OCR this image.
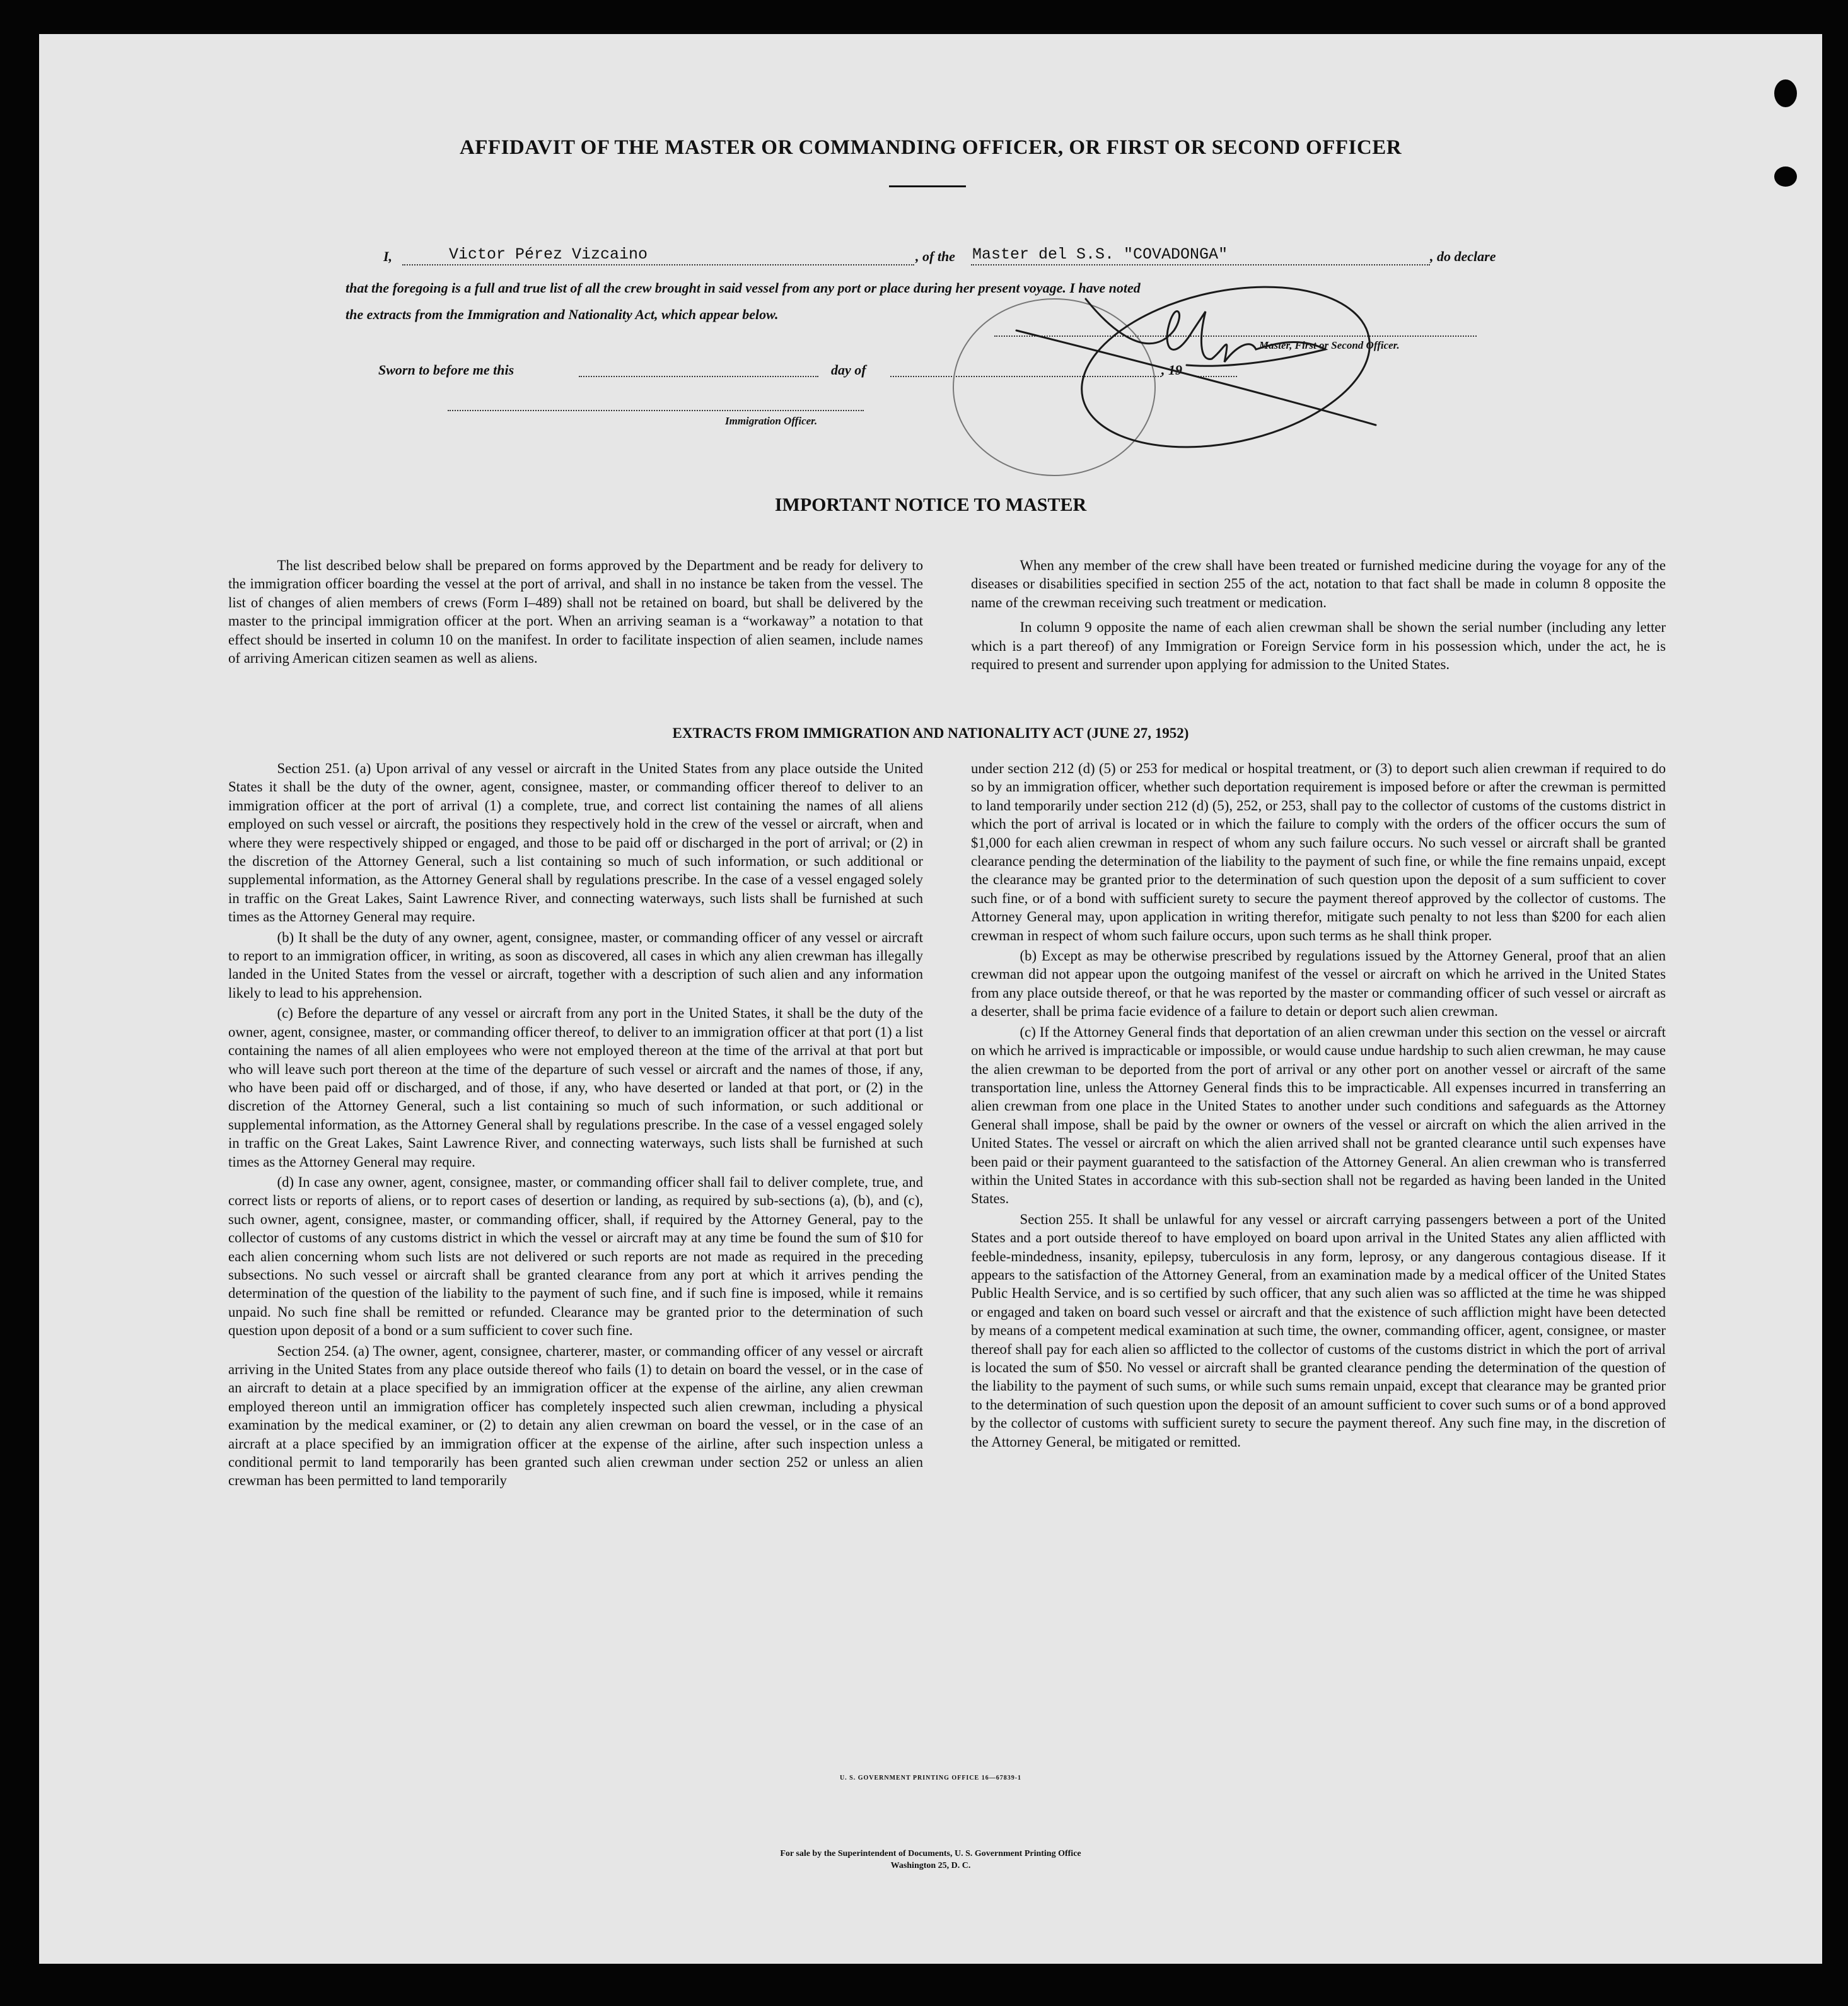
AFFIDAVIT OF THE MASTER OR COMMANDING OFFICER, OR FIRST OR SECOND OFFICER
I,	Victor Pérez Vizcaino	, of the Master del S.S. "COVADONGA"	, do declare
that the foregoing is a full and true list of all the crew brought in said vessel from any port or place during her present voyage. I have noted
the extracts from the Immigration and Nationality Act, which appear below.
Master, First or Second Officer.
Sworn to before me this	day of	, 19
Immigration Officer.
IMPORTANT NOTICE TO MASTER

The list described below shall be prepared on forms approved by the Department and be ready for delivery to the immigration officer boarding the vessel at the port of arrival, and shall in no instance be taken from the vessel. The list of changes of alien members of crews (Form I–489) shall not be retained on board, but shall be delivered by the master to the principal immigration officer at the port. When an arriving seaman is a “workaway” a notation to that effect should be inserted in column 10 on the manifest. In order to facilitate inspection of alien seamen, include names of arriving American citizen seamen as well as aliens.

When any member of the crew shall have been treated or furnished medicine during the voyage for any of the diseases or disabilities specified in section 255 of the act, notation to that fact shall be made in column 8 opposite the name of the crewman receiving such treatment or medication.

In column 9 opposite the name of each alien crewman shall be shown the serial number (including any letter which is a part thereof) of any Immigration or Foreign Service form in his possession which, under the act, he is required to present and surrender upon applying for admission to the United States.

EXTRACTS FROM IMMIGRATION AND NATIONALITY ACT (JUNE 27, 1952)

Section 251. (a) Upon arrival of any vessel or aircraft in the United States from any place outside the United States it shall be the duty of the owner, agent, consignee, master, or commanding officer thereof to deliver to an immigration officer at the port of arrival (1) a complete, true, and correct list containing the names of all aliens employed on such vessel or aircraft, the positions they respectively hold in the crew of the vessel or aircraft, when and where they were respectively shipped or engaged, and those to be paid off or discharged in the port of arrival; or (2) in the discretion of the Attorney General, such a list containing so much of such information, or such additional or supplemental information, as the Attorney General shall by regulations prescribe. In the case of a vessel engaged solely in traffic on the Great Lakes, Saint Lawrence River, and connecting waterways, such lists shall be furnished at such times as the Attorney General may require.

(b) It shall be the duty of any owner, agent, consignee, master, or commanding officer of any vessel or aircraft to report to an immigration officer, in writing, as soon as discovered, all cases in which any alien crewman has illegally landed in the United States from the vessel or aircraft, together with a description of such alien and any information likely to lead to his apprehension.

(c) Before the departure of any vessel or aircraft from any port in the United States, it shall be the duty of the owner, agent, consignee, master, or commanding officer thereof, to deliver to an immigration officer at that port (1) a list containing the names of all alien employees who were not employed thereon at the time of the arrival at that port but who will leave such port thereon at the time of the departure of such vessel or aircraft and the names of those, if any, who have been paid off or discharged, and of those, if any, who have deserted or landed at that port, or (2) in the discretion of the Attorney General, such a list containing so much of such information, or such additional or supplemental information, as the Attorney General shall by regulations prescribe. In the case of a vessel engaged solely in traffic on the Great Lakes, Saint Lawrence River, and connecting waterways, such lists shall be furnished at such times as the Attorney General may require.

(d) In case any owner, agent, consignee, master, or commanding officer shall fail to deliver complete, true, and correct lists or reports of aliens, or to report cases of desertion or landing, as required by sub-sections (a), (b), and (c), such owner, agent, consignee, master, or commanding officer, shall, if required by the Attorney General, pay to the collector of customs of any customs district in which the vessel or aircraft may at any time be found the sum of $10 for each alien concerning whom such lists are not delivered or such reports are not made as required in the preceding subsections. No such vessel or aircraft shall be granted clearance from any port at which it arrives pending the determination of the question of the liability to the payment of such fine, and if such fine is imposed, while it remains unpaid. No such fine shall be remitted or refunded. Clearance may be granted prior to the determination of such question upon deposit of a bond or a sum sufficient to cover such fine.

Section 254. (a) The owner, agent, consignee, charterer, master, or commanding officer of any vessel or aircraft arriving in the United States from any place outside thereof who fails (1) to detain on board the vessel, or in the case of an aircraft to detain at a place specified by an immigration officer at the expense of the airline, any alien crewman employed thereon until an immigration officer has completely inspected such alien crewman, including a physical examination by the medical examiner, or (2) to detain any alien crewman on board the vessel, or in the case of an aircraft at a place specified by an immigration officer at the expense of the airline, after such inspection unless a conditional permit to land temporarily has been granted such alien crewman under section 252 or unless an alien crewman has been permitted to land temporarily

under section 212 (d) (5) or 253 for medical or hospital treatment, or (3) to deport such alien crewman if required to do so by an immigration officer, whether such deportation requirement is imposed before or after the crewman is permitted to land temporarily under section 212 (d) (5), 252, or 253, shall pay to the collector of customs of the customs district in which the port of arrival is located or in which the failure to comply with the orders of the officer occurs the sum of $1,000 for each alien crewman in respect of whom any such failure occurs. No such vessel or aircraft shall be granted clearance pending the determination of the liability to the payment of such fine, or while the fine remains unpaid, except the clearance may be granted prior to the determination of such question upon the deposit of a sum sufficient to cover such fine, or of a bond with sufficient surety to secure the payment thereof approved by the collector of customs. The Attorney General may, upon application in writing therefor, mitigate such penalty to not less than $200 for each alien crewman in respect of whom such failure occurs, upon such terms as he shall think proper.

(b) Except as may be otherwise prescribed by regulations issued by the Attorney General, proof that an alien crewman did not appear upon the outgoing manifest of the vessel or aircraft on which he arrived in the United States from any place outside thereof, or that he was reported by the master or commanding officer of such vessel or aircraft as a deserter, shall be prima facie evidence of a failure to detain or deport such alien crewman.

(c) If the Attorney General finds that deportation of an alien crewman under this section on the vessel or aircraft on which he arrived is impracticable or impossible, or would cause undue hardship to such alien crewman, he may cause the alien crewman to be deported from the port of arrival or any other port on another vessel or aircraft of the same transportation line, unless the Attorney General finds this to be impracticable. All expenses incurred in transferring an alien crewman from one place in the United States to another under such conditions and safeguards as the Attorney General shall impose, shall be paid by the owner or owners of the vessel or aircraft on which the alien arrived in the United States. The vessel or aircraft on which the alien arrived shall not be granted clearance until such expenses have been paid or their payment guaranteed to the satisfaction of the Attorney General. An alien crewman who is transferred within the United States in accordance with this sub-section shall not be regarded as having been landed in the United States.

Section 255. It shall be unlawful for any vessel or aircraft carrying passengers between a port of the United States and a port outside thereof to have employed on board upon arrival in the United States any alien afflicted with feeble-mindedness, insanity, epilepsy, tuberculosis in any form, leprosy, or any dangerous contagious disease. If it appears to the satisfaction of the Attorney General, from an examination made by a medical officer of the United States Public Health Service, and is so certified by such officer, that any such alien was so afflicted at the time he was shipped or engaged and taken on board such vessel or aircraft and that the existence of such affliction might have been detected by means of a competent medical examination at such time, the owner, commanding officer, agent, consignee, or master thereof shall pay for each alien so afflicted to the collector of customs of the customs district in which the port of arrival is located the sum of $50. No vessel or aircraft shall be granted clearance pending the determination of the question of the liability to the payment of such sums, or while such sums remain unpaid, except that clearance may be granted prior to the determination of such question upon the deposit of an amount sufficient to cover such sums or of a bond approved by the collector of customs with sufficient surety to secure the payment thereof. Any such fine may, in the discretion of the Attorney General, be mitigated or remitted.

U. S. GOVERNMENT PRINTING OFFICE 16—67839-1
For sale by the Superintendent of Documents, U. S. Government Printing Office
Washington 25, D. C.
